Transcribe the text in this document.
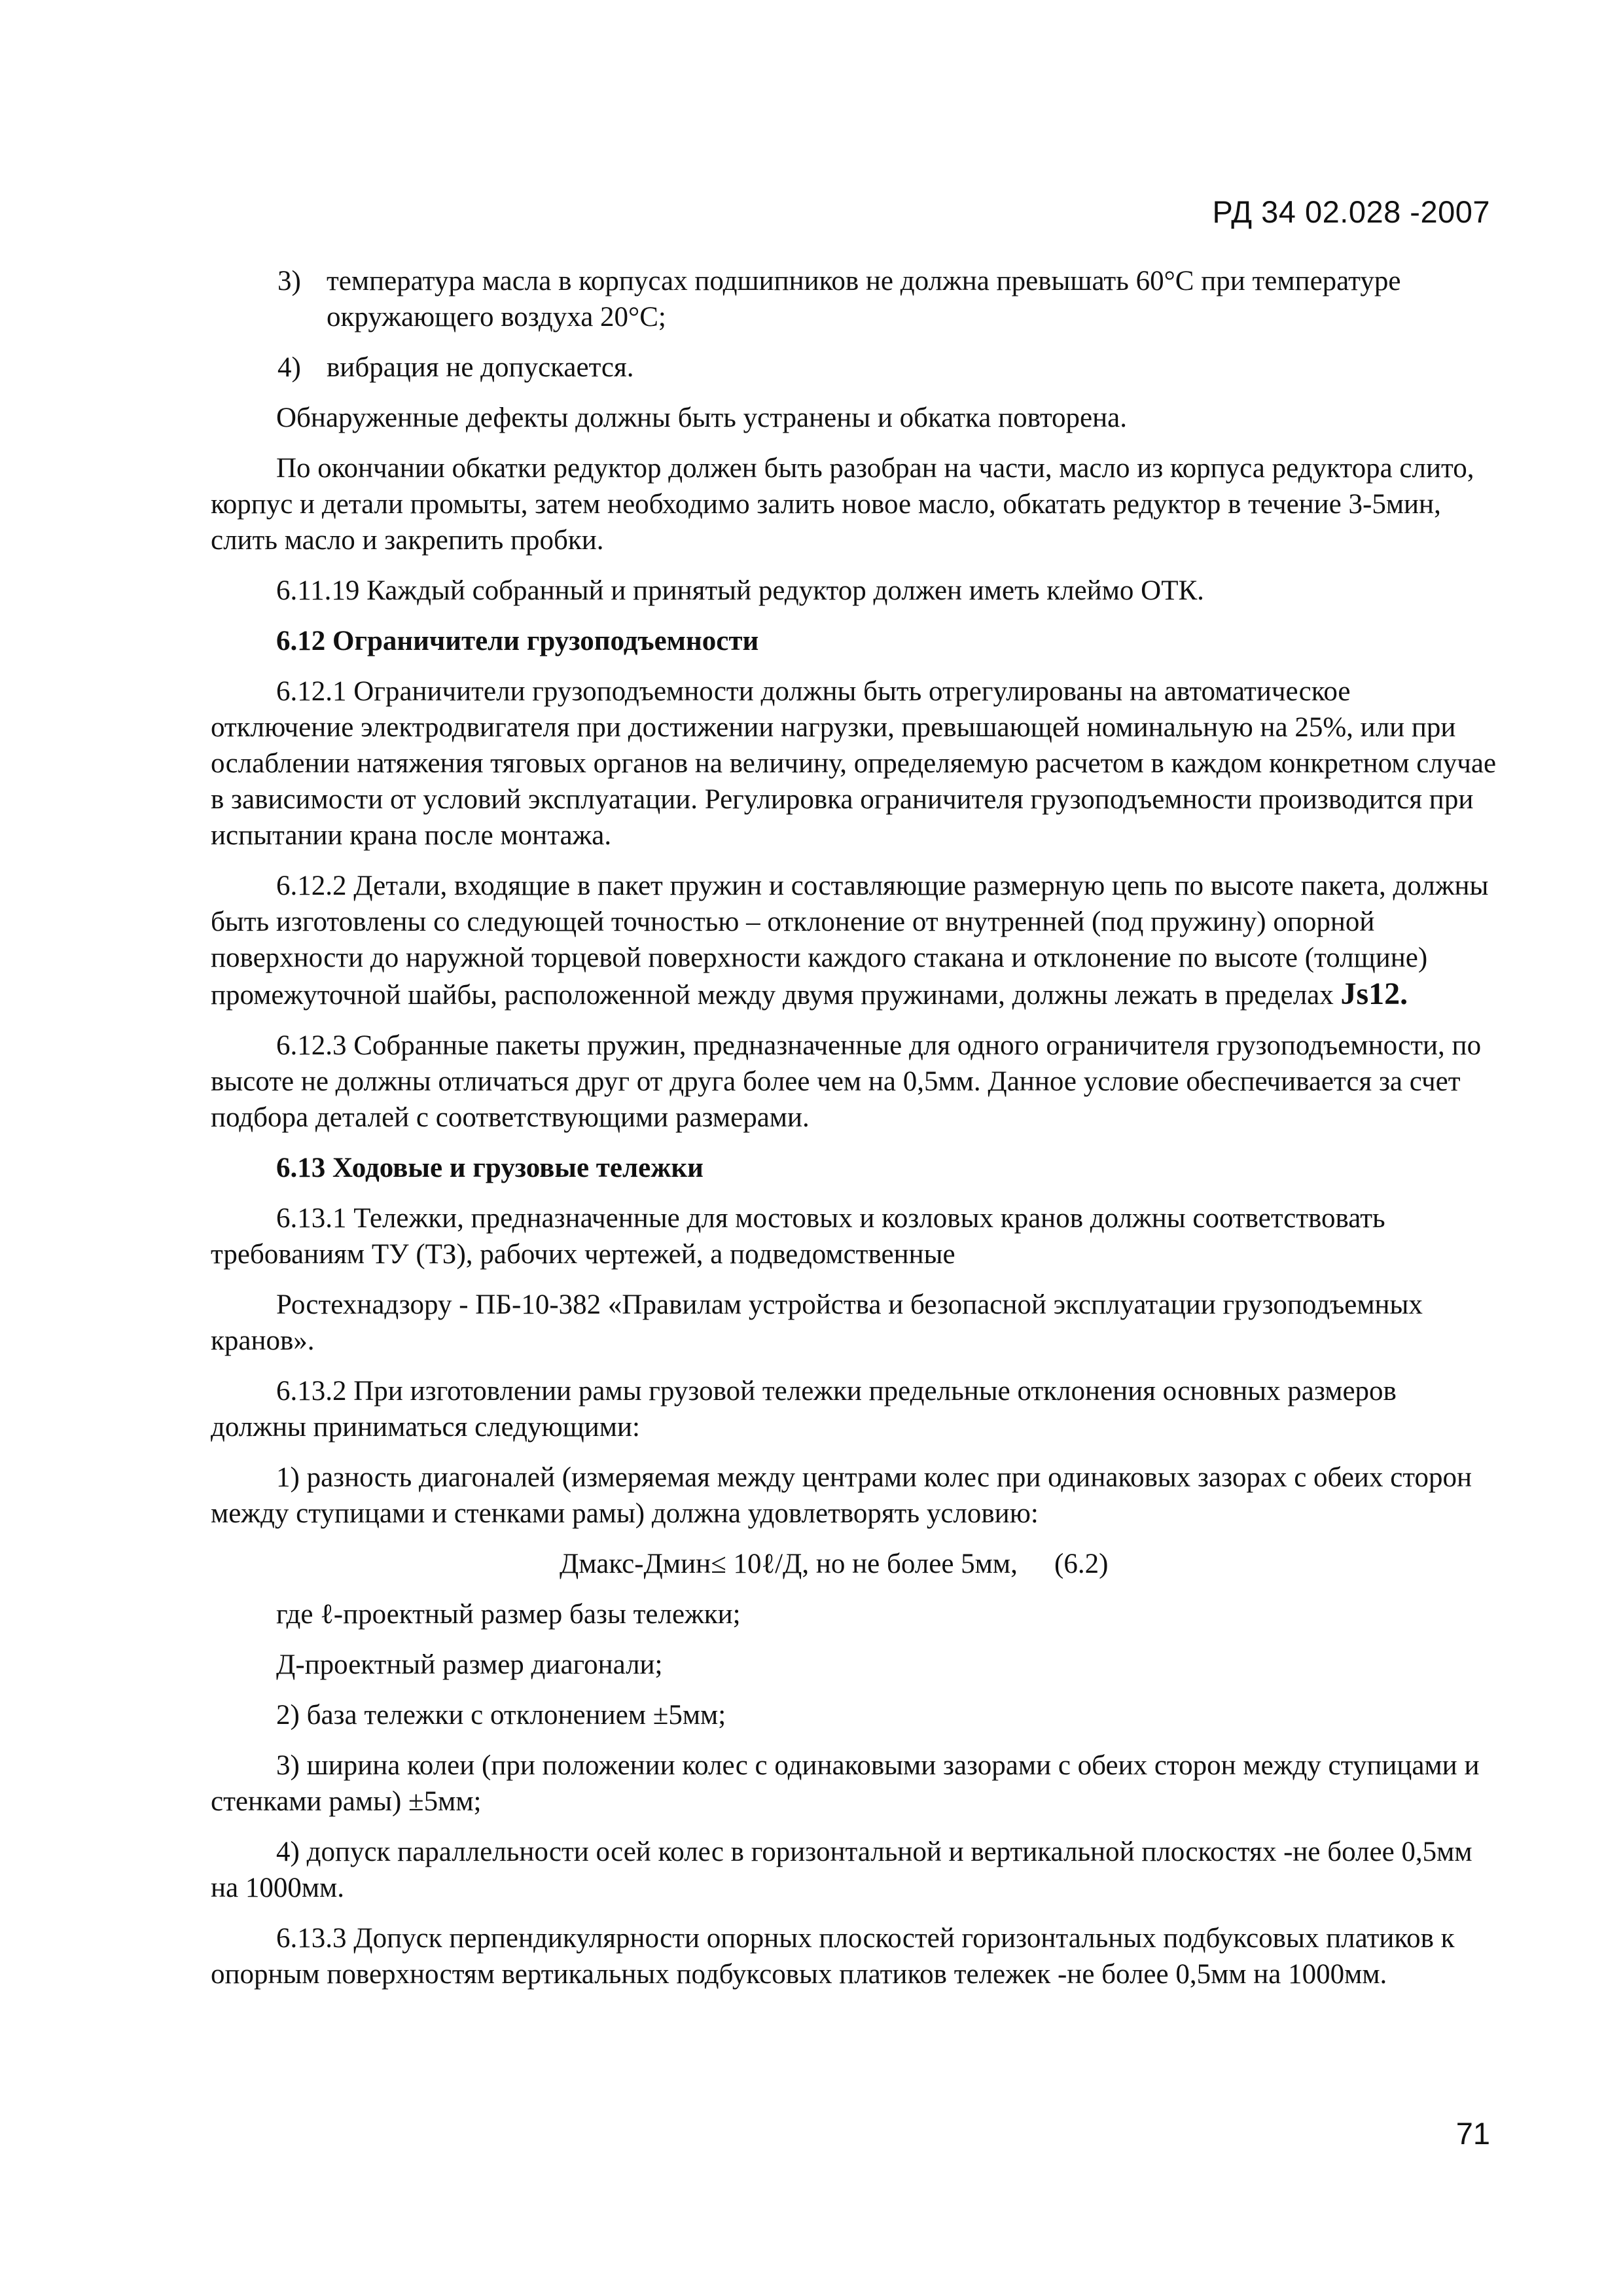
РД 34 02.028 -2007
3) температура масла в корпусах подшипников не должна превышать 60°С при температуре окружающего воздуха 20°С;
4) вибрация не допускается.

Обнаруженные дефекты должны быть устранены и обкатка повторена.

По окончании обкатки редуктор должен быть разобран на части, масло из корпуса редуктора слито, корпус и детали промыты, затем необходимо залить новое масло, обкатать редуктор в течение 3-5мин, слить масло и закрепить пробки.

6.11.19 Каждый собранный и принятый редуктор должен иметь клеймо ОТК.

6.12 Ограничители грузоподъемности

6.12.1 Ограничители грузоподъемности должны быть отрегулированы на автоматическое отключение электродвигателя при достижении нагрузки, превышающей номинальную на 25%, или при ослаблении натяжения тяговых органов на величину, определяемую расчетом в каждом конкретном случае в зависимости от условий эксплуатации. Регулировка ограничителя грузоподъемности производится при испытании крана после монтажа.

6.12.2 Детали, входящие в пакет пружин и составляющие размерную цепь по высоте пакета, должны быть изготовлены со следующей точностью – отклонение от внутренней (под пружину) опорной поверхности до наружной торцевой поверхности каждого стакана и отклонение по высоте (толщине) промежуточной шайбы, расположенной между двумя пружинами, должны лежать в пределах Js12.

6.12.3 Собранные пакеты пружин, предназначенные для одного ограничителя грузоподъемности, по высоте не должны отличаться друг от друга более чем на 0,5мм. Данное условие обеспечивается за счет подбора деталей с соответствующими размерами.

6.13 Ходовые и грузовые тележки

6.13.1 Тележки, предназначенные для мостовых и козловых кранов должны соответствовать требованиям ТУ (ТЗ), рабочих чертежей, а подведомственные

Ростехнадзору - ПБ-10-382 «Правилам устройства и безопасной эксплуатации грузоподъемных кранов».

6.13.2 При изготовлении рамы грузовой тележки предельные отклонения основных размеров должны приниматься следующими:

1) разность диагоналей (измеряемая между центрами колес при одинаковых зазорах с обеих сторон между ступицами и стенками рамы) должна удовлетворять условию:

Дмакс-Дмин≤ 10ℓ/Д, но не более 5мм,	(6.2)

где ℓ-проектный размер базы тележки;

Д-проектный размер диагонали;

2) база тележки с отклонением ±5мм;

3) ширина колеи (при положении колес с одинаковыми зазорами с обеих сторон между ступицами и стенками рамы) ±5мм;

4) допуск параллельности осей колес в горизонтальной и вертикальной плоскостях -не более 0,5мм на 1000мм.

6.13.3 Допуск перпендикулярности опорных плоскостей горизонтальных подбуксовых платиков к опорным поверхностям вертикальных подбуксовых платиков тележек -не более 0,5мм на 1000мм.

71
